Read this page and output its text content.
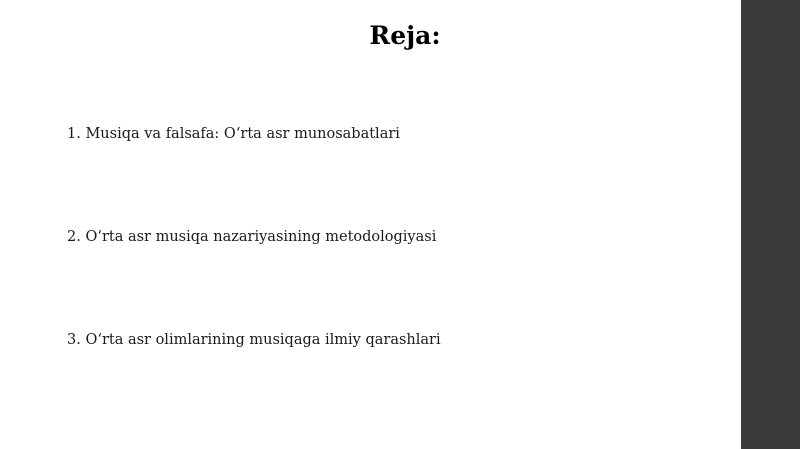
Reja:
1. Musiqa va falsafa: O‘rta asr munosabatlari
2. O‘rta asr musiqa nazariyasining metodologiyasi
3. O‘rta asr olimlarining musiqaga ilmiy qarashlari
